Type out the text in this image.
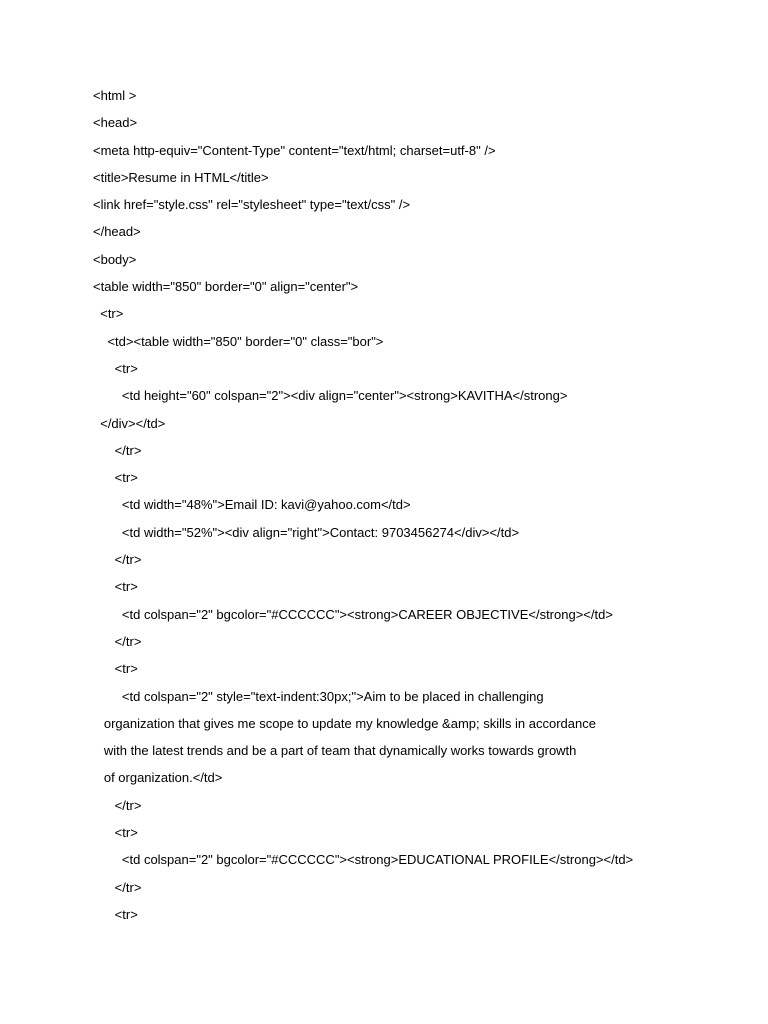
<html >
<head>
<meta http-equiv="Content-Type" content="text/html; charset=utf-8" />
<title>Resume in HTML</title>
<link href="style.css" rel="stylesheet" type="text/css" />
</head>
<body>
<table width="850" border="0" align="center">
<tr>
<td><table width="850" border="0" class="bor">
<tr>
<td height="60" colspan="2"><div align="center"><strong>KAVITHA</strong>
</div></td>
</tr>
<tr>
<td width="48%">Email ID: kavi@yahoo.com</td>
<td width="52%"><div align="right">Contact: 9703456274</div></td>
</tr>
<tr>
<td colspan="2" bgcolor="#CCCCCC"><strong>CAREER OBJECTIVE</strong></td>
</tr>
<tr>
<td colspan="2" style="text-indent:30px;">Aim to be placed in challenging
organization that gives me scope to update my knowledge &amp; skills in accordance
with the latest trends and be a part of team that dynamically works towards growth
of organization.</td>
</tr>
<tr>
<td colspan="2" bgcolor="#CCCCCC"><strong>EDUCATIONAL PROFILE</strong></td>
</tr>
<tr>
